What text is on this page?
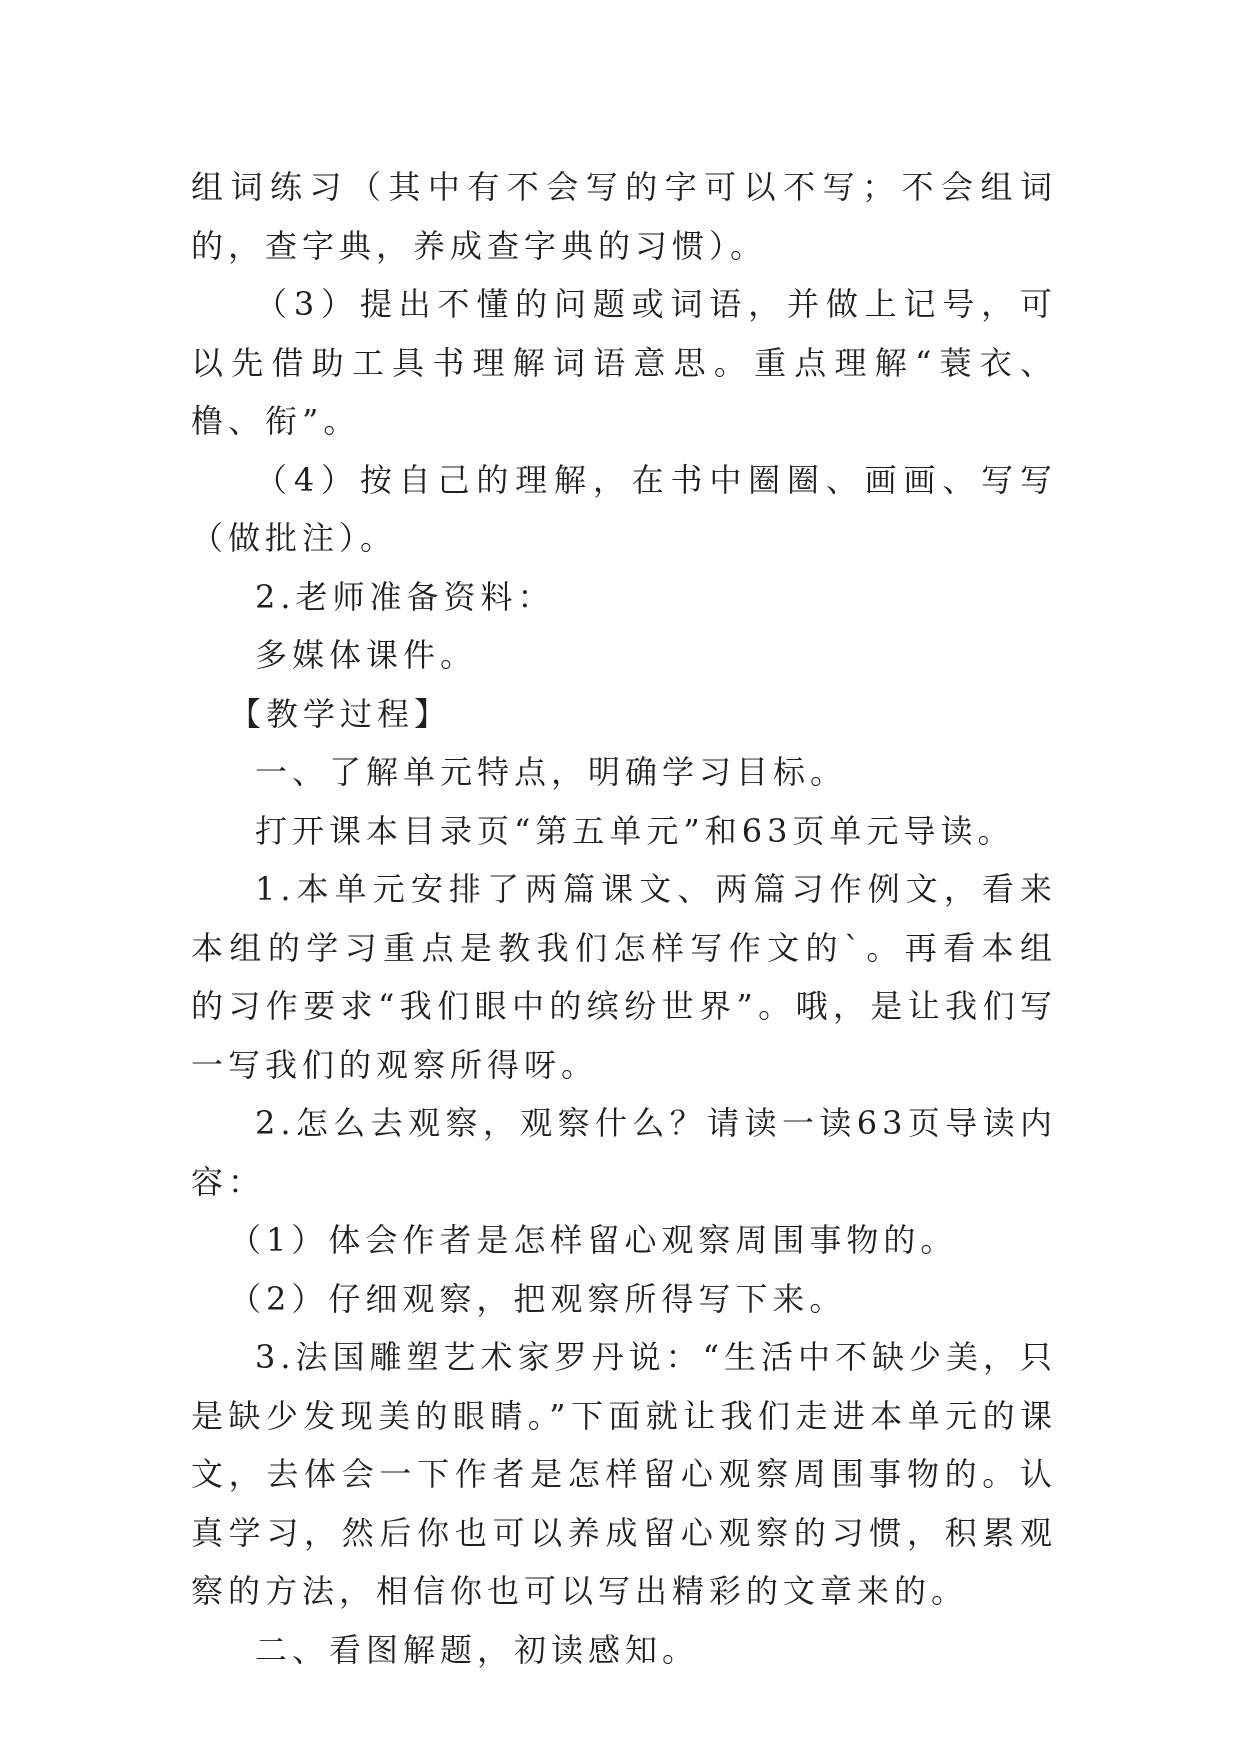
组词练习（其中有不会写的字可以不写；不会组词的，查字典，养成查字典的习惯）。

（3）提出不懂的问题或词语，并做上记号，可以先借助工具书理解词语意思。重点理解“蓑衣、橹、衔”。

（4）按自己的理解，在书中圈圈、画画、写写（做批注）。

2.老师准备资料：

多媒体课件。

【教学过程】

一、了解单元特点，明确学习目标。

打开课本目录页“第五单元”和63页单元导读。

1.本单元安排了两篇课文、两篇习作例文，看来本组的学习重点是教我们怎样写作文的`。再看本组的习作要求“我们眼中的缤纷世界”。哦，是让我们写一写我们的观察所得呀。

2.怎么去观察，观察什么？请读一读63页导读内容：

（1）体会作者是怎样留心观察周围事物的。

（2）仔细观察，把观察所得写下来。

3.法国雕塑艺术家罗丹说：“生活中不缺少美，只是缺少发现美的眼睛。”下面就让我们走进本单元的课文，去体会一下作者是怎样留心观察周围事物的。认真学习，然后你也可以养成留心观察的习惯，积累观察的方法，相信你也可以写出精彩的文章来的。

二、看图解题，初读感知。
